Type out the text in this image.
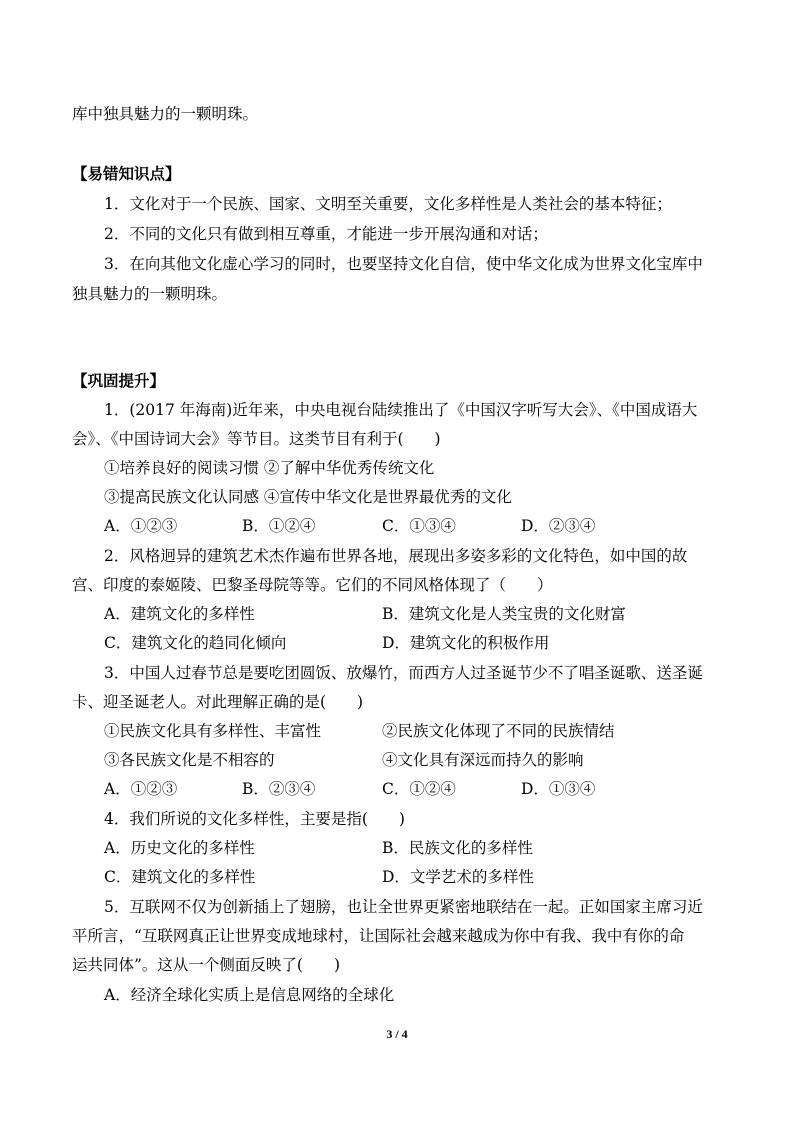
库中独具魅力的一颗明珠。
【易错知识点】
1．文化对于一个民族、国家、文明至关重要，文化多样性是人类社会的基本特征；
2．不同的文化只有做到相互尊重，才能进一步开展沟通和对话；
3．在向其他文化虚心学习的同时，也要坚持文化自信，使中华文化成为世界文化宝库中
独具魅力的一颗明珠。
【巩固提升】
1．(2017 年海南)近年来，中央电视台陆续推出了《中国汉字听写大会》、《中国成语大
会》、《中国诗词大会》等节目。这类节目有利于(　　)
①培养良好的阅读习惯 ②了解中华优秀传统文化
③提高民族文化认同感 ④宣传中华文化是世界最优秀的文化
A．①②③	B．①②④	C．①③④	D．②③④
2．风格迥异的建筑艺术杰作遍布世界各地，展现出多姿多彩的文化特色，如中国的故
宫、印度的泰姬陵、巴黎圣母院等等。它们的不同风格体现了（　　）
A．建筑文化的多样性	B．建筑文化是人类宝贵的文化财富
C．建筑文化的趋同化倾向	D．建筑文化的积极作用
3．中国人过春节总是要吃团圆饭、放爆竹，而西方人过圣诞节少不了唱圣诞歌、送圣诞
卡、迎圣诞老人。对此理解正确的是(　　)
①民族文化具有多样性、丰富性	②民族文化体现了不同的民族情结
③各民族文化是不相容的	④文化具有深远而持久的影响
A．①②③	B．②③④	C．①②④	D．①③④
4．我们所说的文化多样性，主要是指(　　)
A．历史文化的多样性	B．民族文化的多样性
C．建筑文化的多样性	D．文学艺术的多样性
5．互联网不仅为创新插上了翅膀，也让全世界更紧密地联结在一起。正如国家主席习近
平所言，“互联网真正让世界变成地球村，让国际社会越来越成为你中有我、我中有你的命
运共同体”。这从一个侧面反映了(　　)
A．经济全球化实质上是信息网络的全球化
3 / 4
